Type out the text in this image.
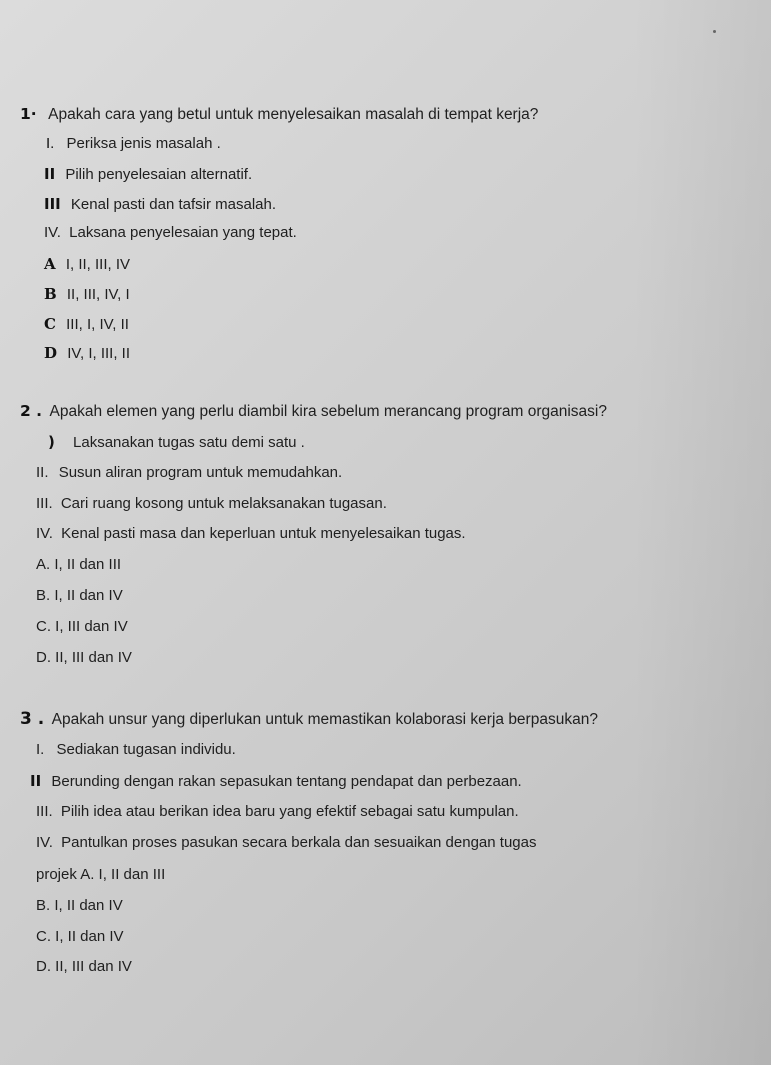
1· Apakah cara yang betul untuk menyelesaikan masalah di tempat kerja?
I. Periksa jenis masalah .
II Pilih penyelesaian alternatif.
III Kenal pasti dan tafsir masalah.
IV. Laksana penyelesaian yang tepat.
A I, II, III, IV
B II, III, IV, I
C III, I, IV, II
D IV, I, III, II
2 . Apakah elemen yang perlu diambil kira sebelum merancang program organisasi?
) Laksanakan tugas satu demi satu .
II. Susun aliran program untuk memudahkan.
III. Cari ruang kosong untuk melaksanakan tugasan.
IV. Kenal pasti masa dan keperluan untuk menyelesaikan tugas.
A. I, II dan III
B. I, II dan IV
C. I, III dan IV
D. II, III dan IV
3 . Apakah unsur yang diperlukan untuk memastikan kolaborasi kerja berpasukan?
I. Sediakan tugasan individu.
II Berunding dengan rakan sepasukan tentang pendapat dan perbezaan.
III. Pilih idea atau berikan idea baru yang efektif sebagai satu kumpulan.
IV. Pantulkan proses pasukan secara berkala dan sesuaikan dengan tugas
projek A. I, II dan III
B. I, II dan IV
C. I, II dan IV
D. II, III dan IV
